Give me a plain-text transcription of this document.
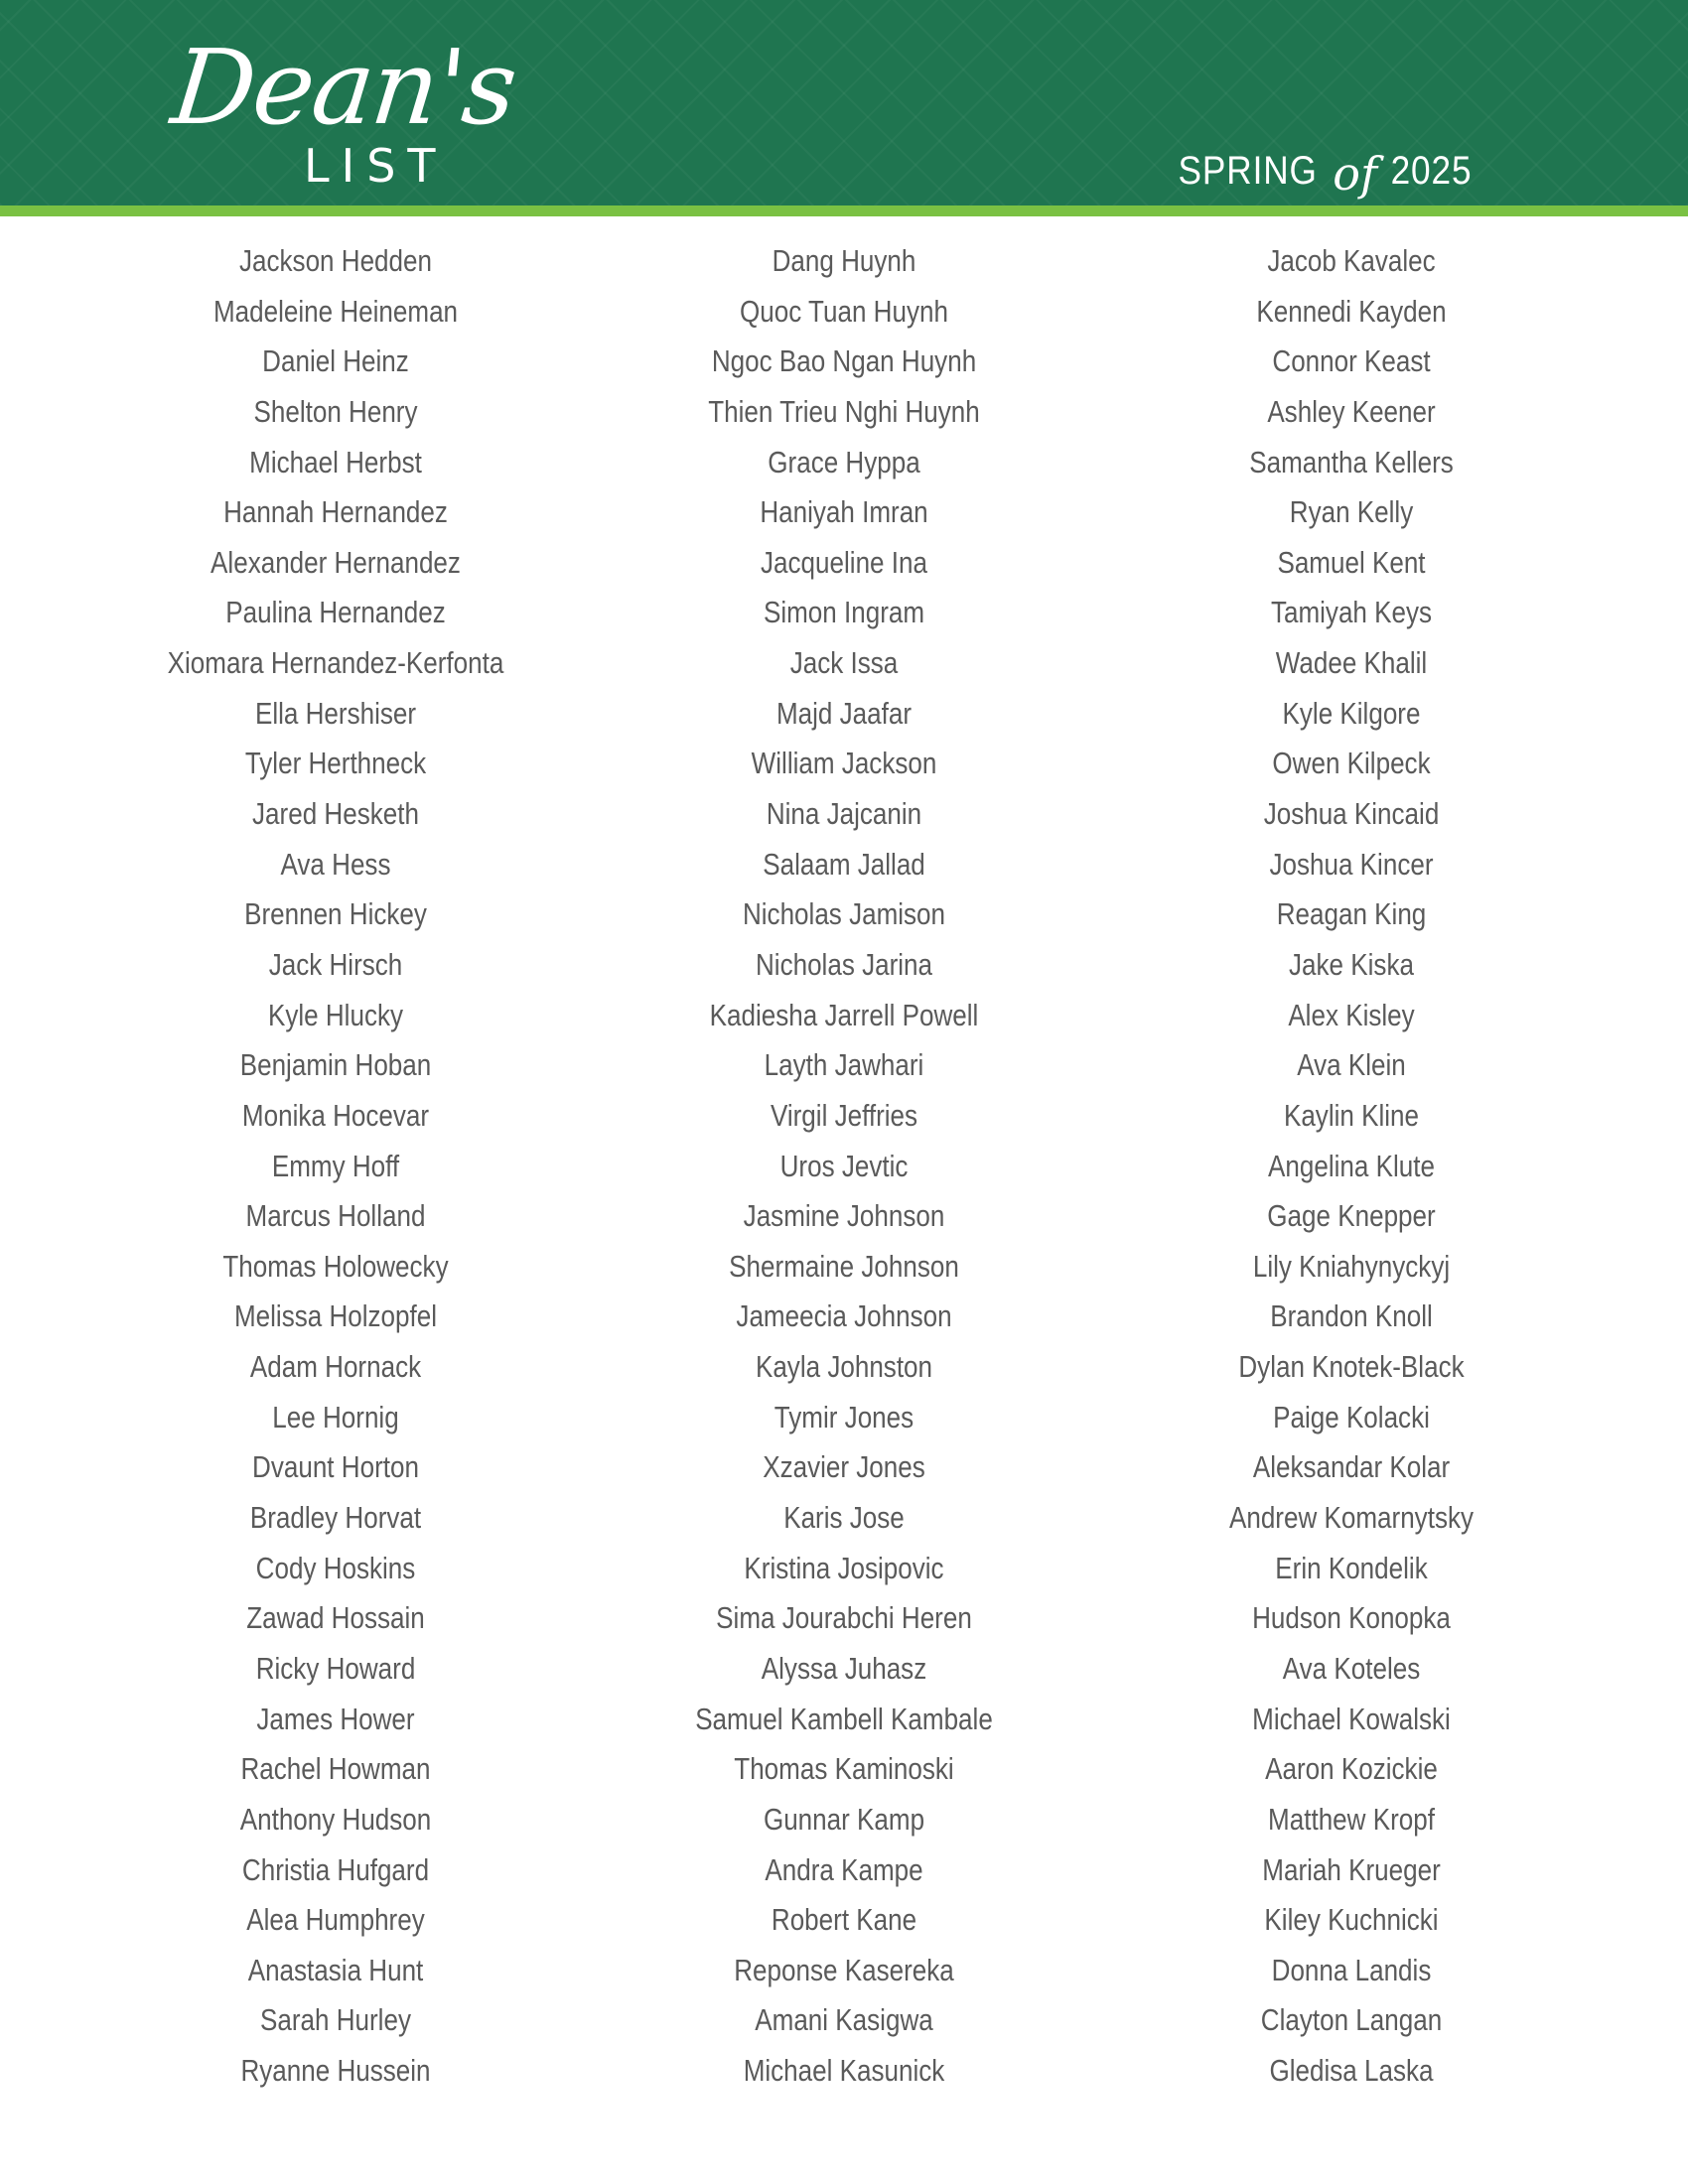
Dean's
LIST	SPRING of 2025
Jackson Hedden
Madeleine Heineman
Daniel Heinz
Shelton Henry
Michael Herbst
Hannah Hernandez
Alexander Hernandez
Paulina Hernandez
Xiomara Hernandez-Kerfonta
Ella Hershiser
Tyler Herthneck
Jared Hesketh
Ava Hess
Brennen Hickey
Jack Hirsch
Kyle Hlucky
Benjamin Hoban
Monika Hocevar
Emmy Hoff
Marcus Holland
Thomas Holowecky
Melissa Holzopfel
Adam Hornack
Lee Hornig
Dvaunt Horton
Bradley Horvat
Cody Hoskins
Zawad Hossain
Ricky Howard
James Hower
Rachel Howman
Anthony Hudson
Christia Hufgard
Alea Humphrey
Anastasia Hunt
Sarah Hurley
Ryanne Hussein
Dang Huynh
Quoc Tuan Huynh
Ngoc Bao Ngan Huynh
Thien Trieu Nghi Huynh
Grace Hyppa
Haniyah Imran
Jacqueline Ina
Simon Ingram
Jack Issa
Majd Jaafar
William Jackson
Nina Jajcanin
Salaam Jallad
Nicholas Jamison
Nicholas Jarina
Kadiesha Jarrell Powell
Layth Jawhari
Virgil Jeffries
Uros Jevtic
Jasmine Johnson
Shermaine Johnson
Jameecia Johnson
Kayla Johnston
Tymir Jones
Xzavier Jones
Karis Jose
Kristina Josipovic
Sima Jourabchi Heren
Alyssa Juhasz
Samuel Kambell Kambale
Thomas Kaminoski
Gunnar Kamp
Andra Kampe
Robert Kane
Reponse Kasereka
Amani Kasigwa
Michael Kasunick
Jacob Kavalec
Kennedi Kayden
Connor Keast
Ashley Keener
Samantha Kellers
Ryan Kelly
Samuel Kent
Tamiyah Keys
Wadee Khalil
Kyle Kilgore
Owen Kilpeck
Joshua Kincaid
Joshua Kincer
Reagan King
Jake Kiska
Alex Kisley
Ava Klein
Kaylin Kline
Angelina Klute
Gage Knepper
Lily Kniahynyckyj
Brandon Knoll
Dylan Knotek-Black
Paige Kolacki
Aleksandar Kolar
Andrew Komarnytsky
Erin Kondelik
Hudson Konopka
Ava Koteles
Michael Kowalski
Aaron Kozickie
Matthew Kropf
Mariah Krueger
Kiley Kuchnicki
Donna Landis
Clayton Langan
Gledisa Laska
